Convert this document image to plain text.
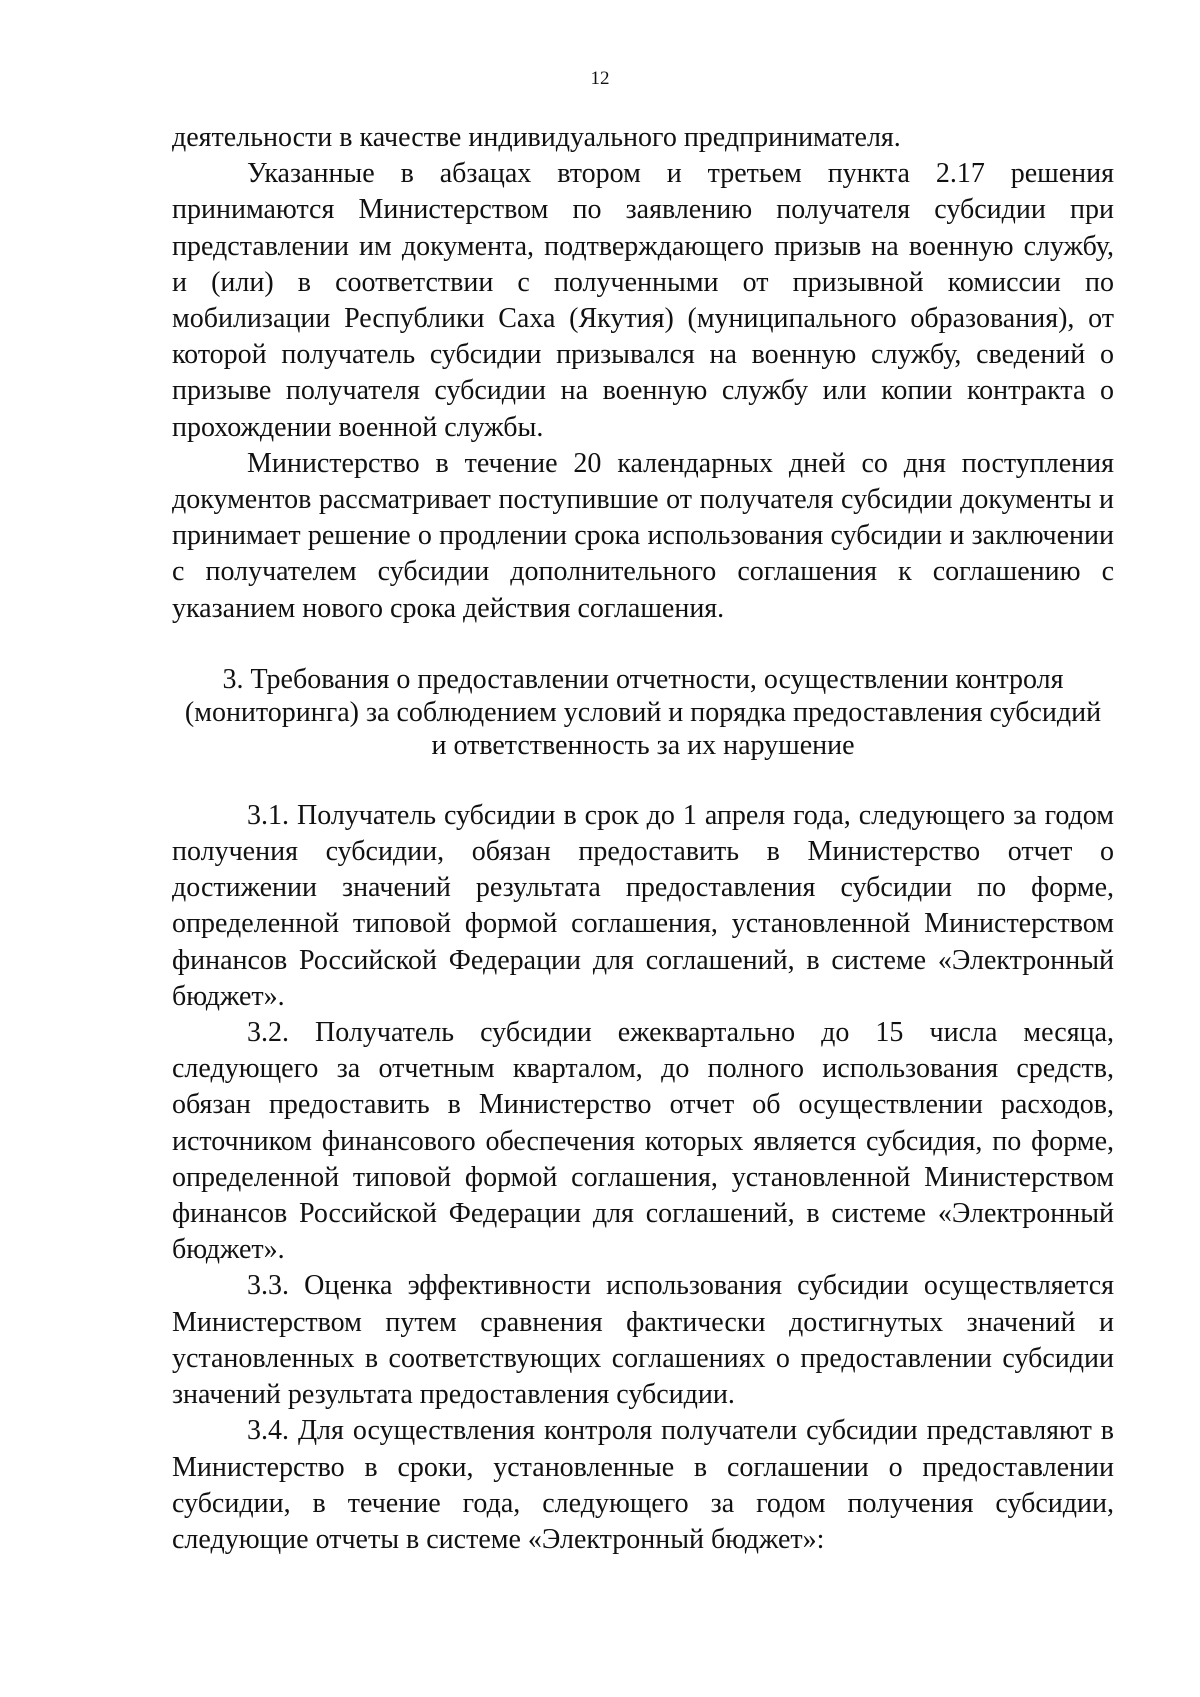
12

деятельности в качестве индивидуального предпринимателя.

Указанные в абзацах втором и третьем пункта 2.17 решения принимаются Министерством по заявлению получателя субсидии при представлении им документа, подтверждающего призыв на военную службу, и (или) в соответствии с полученными от призывной комиссии по мобилизации Республики Саха (Якутия) (муниципального образования), от которой получатель субсидии призывался на военную службу, сведений о призыве получателя субсидии на военную службу или копии контракта о прохождении военной службы.

Министерство в течение 20 календарных дней со дня поступления документов рассматривает поступившие от получателя субсидии документы и принимает решение о продлении срока использования субсидии и заключении с получателем субсидии дополнительного соглашения к соглашению с указанием нового срока действия соглашения.

3. Требования о предоставлении отчетности, осуществлении контроля
(мониторинга) за соблюдением условий и порядка предоставления субсидий
и ответственность за их нарушение

3.1. Получатель субсидии в срок до 1 апреля года, следующего за годом получения субсидии, обязан предоставить в Министерство отчет о достижении значений результата предоставления субсидии по форме, определенной типовой формой соглашения, установленной Министерством финансов Российской Федерации для соглашений, в системе «Электронный бюджет».

3.2. Получатель субсидии ежеквартально до 15 числа месяца, следующего за отчетным кварталом, до полного использования средств, обязан предоставить в Министерство отчет об осуществлении расходов, источником финансового обеспечения которых является субсидия, по форме, определенной типовой формой соглашения, установленной Министерством финансов Российской Федерации для соглашений, в системе «Электронный бюджет».

3.3. Оценка эффективности использования субсидии осуществляется Министерством путем сравнения фактически достигнутых значений и установленных в соответствующих соглашениях о предоставлении субсидии значений результата предоставления субсидии.

3.4. Для осуществления контроля получатели субсидии представляют в Министерство в сроки, установленные в соглашении о предоставлении субсидии, в течение года, следующего за годом получения субсидии, следующие отчеты в системе «Электронный бюджет»:
